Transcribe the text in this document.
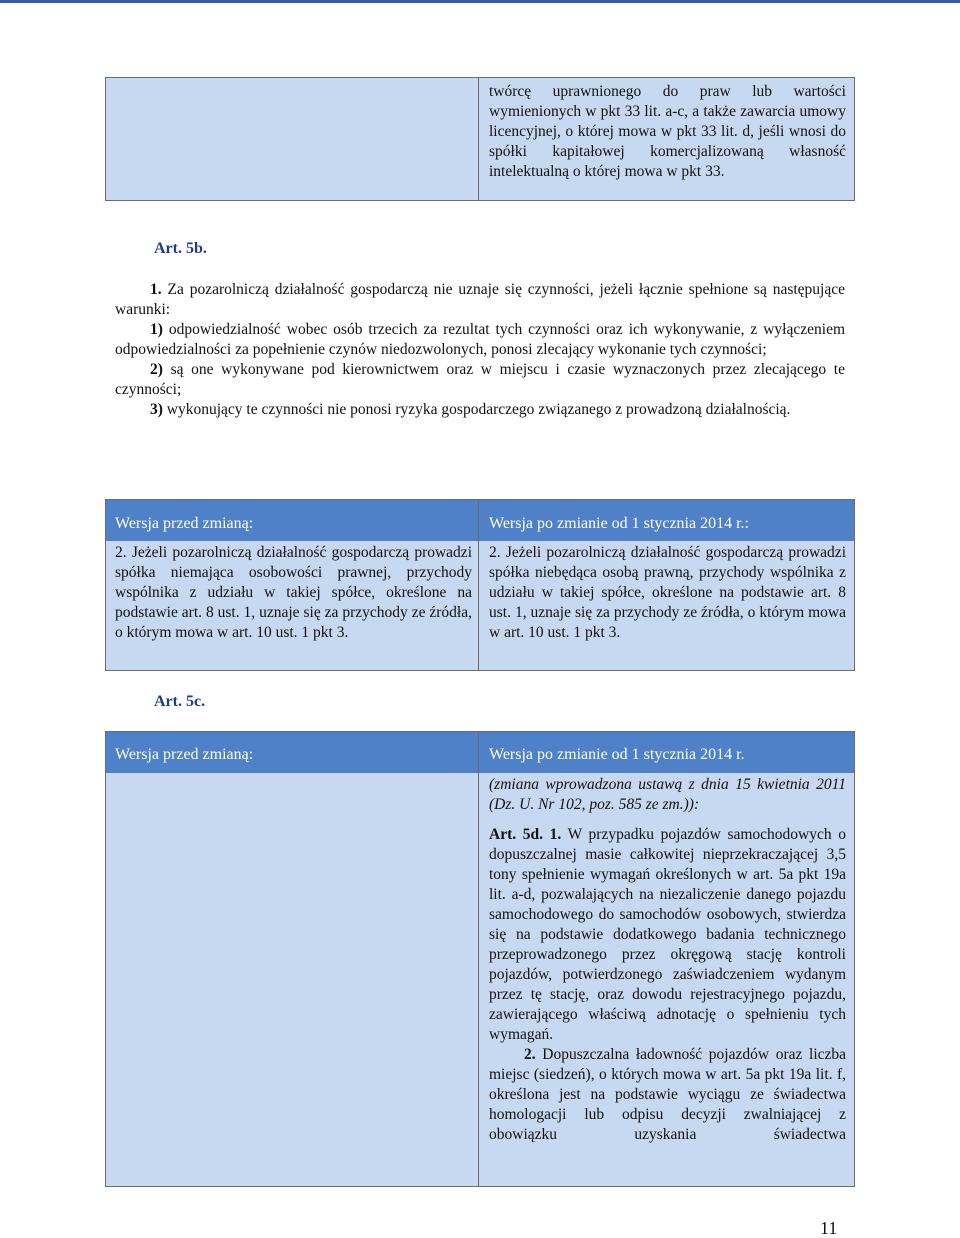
twórcę uprawnionego do praw lub wartości wymienionych w pkt 33 lit. a-c, a także zawarcia umowy licencyjnej, o której mowa w pkt 33 lit. d, jeśli wnosi do spółki kapitałowej komercjalizowaną własność intelektualną o której mowa w pkt 33.

Art. 5b.

1. Za pozarolniczą działalność gospodarczą nie uznaje się czynności, jeżeli łącznie spełnione są następujące warunki:

1) odpowiedzialność wobec osób trzecich za rezultat tych czynności oraz ich wykonywanie, z wyłączeniem odpowiedzialności za popełnienie czynów niedozwolonych, ponosi zlecający wykonanie tych czynności;

2) są one wykonywane pod kierownictwem oraz w miejscu i czasie wyznaczonych przez zlecającego te czynności;

3) wykonujący te czynności nie ponosi ryzyka gospodarczego związanego z prowadzoną działalnością.

Wersja przed zmianą:	Wersja po zmianie od 1 stycznia 2014 r.:

2. Jeżeli pozarolniczą działalność gospodarczą prowadzi spółka niemająca osobowości prawnej, przychody wspólnika z udziału w takiej spółce, określone na podstawie art. 8 ust. 1, uznaje się za przychody ze źródła, o którym mowa w art. 10 ust. 1 pkt 3.

2. Jeżeli pozarolniczą działalność gospodarczą prowadzi spółka niebędąca osobą prawną, przychody wspólnika z udziału w takiej spółce, określone na podstawie art. 8 ust. 1, uznaje się za przychody ze źródła, o którym mowa w art. 10 ust. 1 pkt 3.

Art. 5c.
Wersja przed zmianą:	Wersja po zmianie od 1 stycznia 2014 r.

(zmiana wprowadzona ustawą z dnia 15 kwietnia 2011 (Dz. U. Nr 102, poz. 585 ze zm.)):

Art. 5d. 1. W przypadku pojazdów samochodowych o dopuszczalnej masie całkowitej nieprzekraczającej 3,5 tony spełnienie wymagań określonych w art. 5a pkt 19a lit. a-d, pozwalających na niezaliczenie danego pojazdu samochodowego do samochodów osobowych, stwierdza się na podstawie dodatkowego badania technicznego przeprowadzonego przez okręgową stację kontroli pojazdów, potwierdzonego zaświadczeniem wydanym przez tę stację, oraz dowodu rejestracyjnego pojazdu, zawierającego właściwą adnotację o spełnieniu tych wymagań.

2. Dopuszczalna ładowność pojazdów oraz liczba miejsc (siedzeń), o których mowa w art. 5a pkt 19a lit. f, określona jest na podstawie wyciągu ze świadectwa homologacji lub odpisu decyzji zwalniającej z obowiązku uzyskania świadectwa

11
